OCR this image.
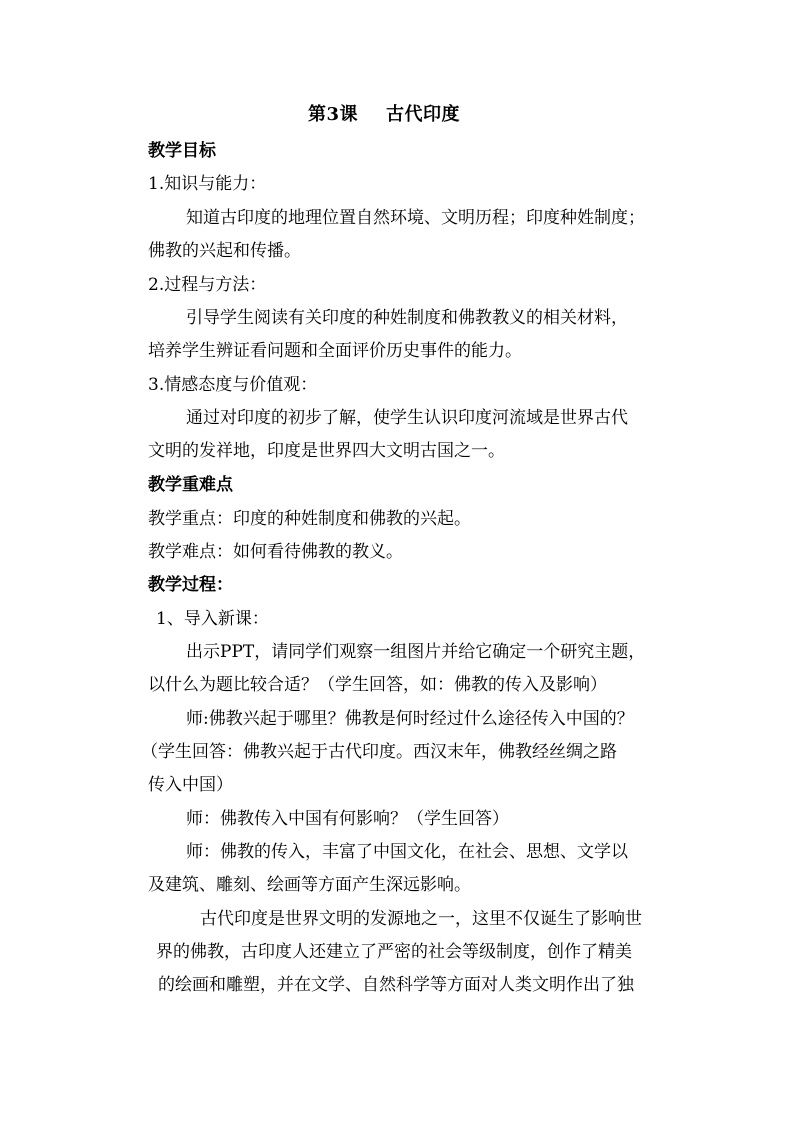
第3课 古代印度
教学目标
1.知识与能力：
知道古印度的地理位置自然环境、文明历程；印度种姓制度；
佛教的兴起和传播。
2.过程与方法：
引导学生阅读有关印度的种姓制度和佛教教义的相关材料，
培养学生辨证看问题和全面评价历史事件的能力。
3.情感态度与价值观：
通过对印度的初步了解，使学生认识印度河流域是世界古代
文明的发祥地，印度是世界四大文明古国之一。
教学重难点
教学重点：印度的种姓制度和佛教的兴起。
教学难点：如何看待佛教的教义。
教学过程：
1、导入新课：
出示PPT，请同学们观察一组图片并给它确定一个研究主题，
以什么为题比较合适？（学生回答，如：佛教的传入及影响）
师:佛教兴起于哪里？佛教是何时经过什么途径传入中国的？
（学生回答：佛教兴起于古代印度。西汉末年，佛教经丝绸之路
传入中国）
师：佛教传入中国有何影响？（学生回答）
师：佛教的传入，丰富了中国文化，在社会、思想、文学以
及建筑、雕刻、绘画等方面产生深远影响。
古代印度是世界文明的发源地之一，这里不仅诞生了影响世
界的佛教，古印度人还建立了严密的社会等级制度，创作了精美
的绘画和雕塑，并在文学、自然科学等方面对人类文明作出了独
